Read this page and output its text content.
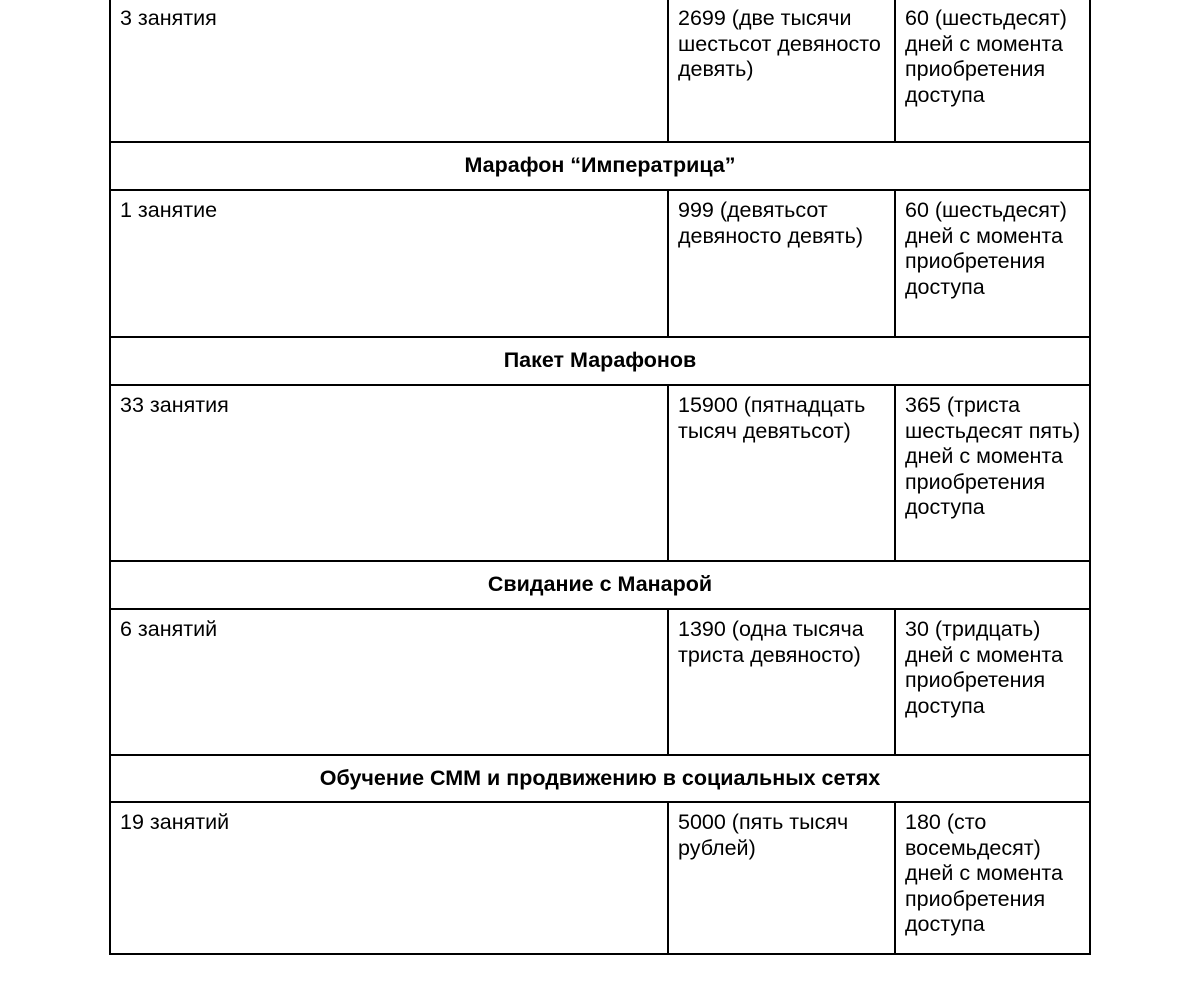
3 занятия	2699 (две тысячи шестьсот девяносто девять)	60 (шестьдесят) дней с момента приобретения доступа
Марафон “Императрица”		
1 занятие	999 (девятьсот девяносто девять)	60 (шестьдесят) дней с момента приобретения доступа
Пакет Марафонов		
33 занятия	15900 (пятнадцать тысяч девятьсот)	365 (триста шестьдесят пять) дней с момента приобретения доступа
Свидание с Манарой		
6 занятий	1390 (одна тысяча триста девяносто)	30 (тридцать) дней с момента приобретения доступа
Обучение СММ и продвижению в социальных сетях		
19 занятий	5000 (пять тысяч рублей)	180 (сто восемьдесят) дней с момента приобретения доступа
